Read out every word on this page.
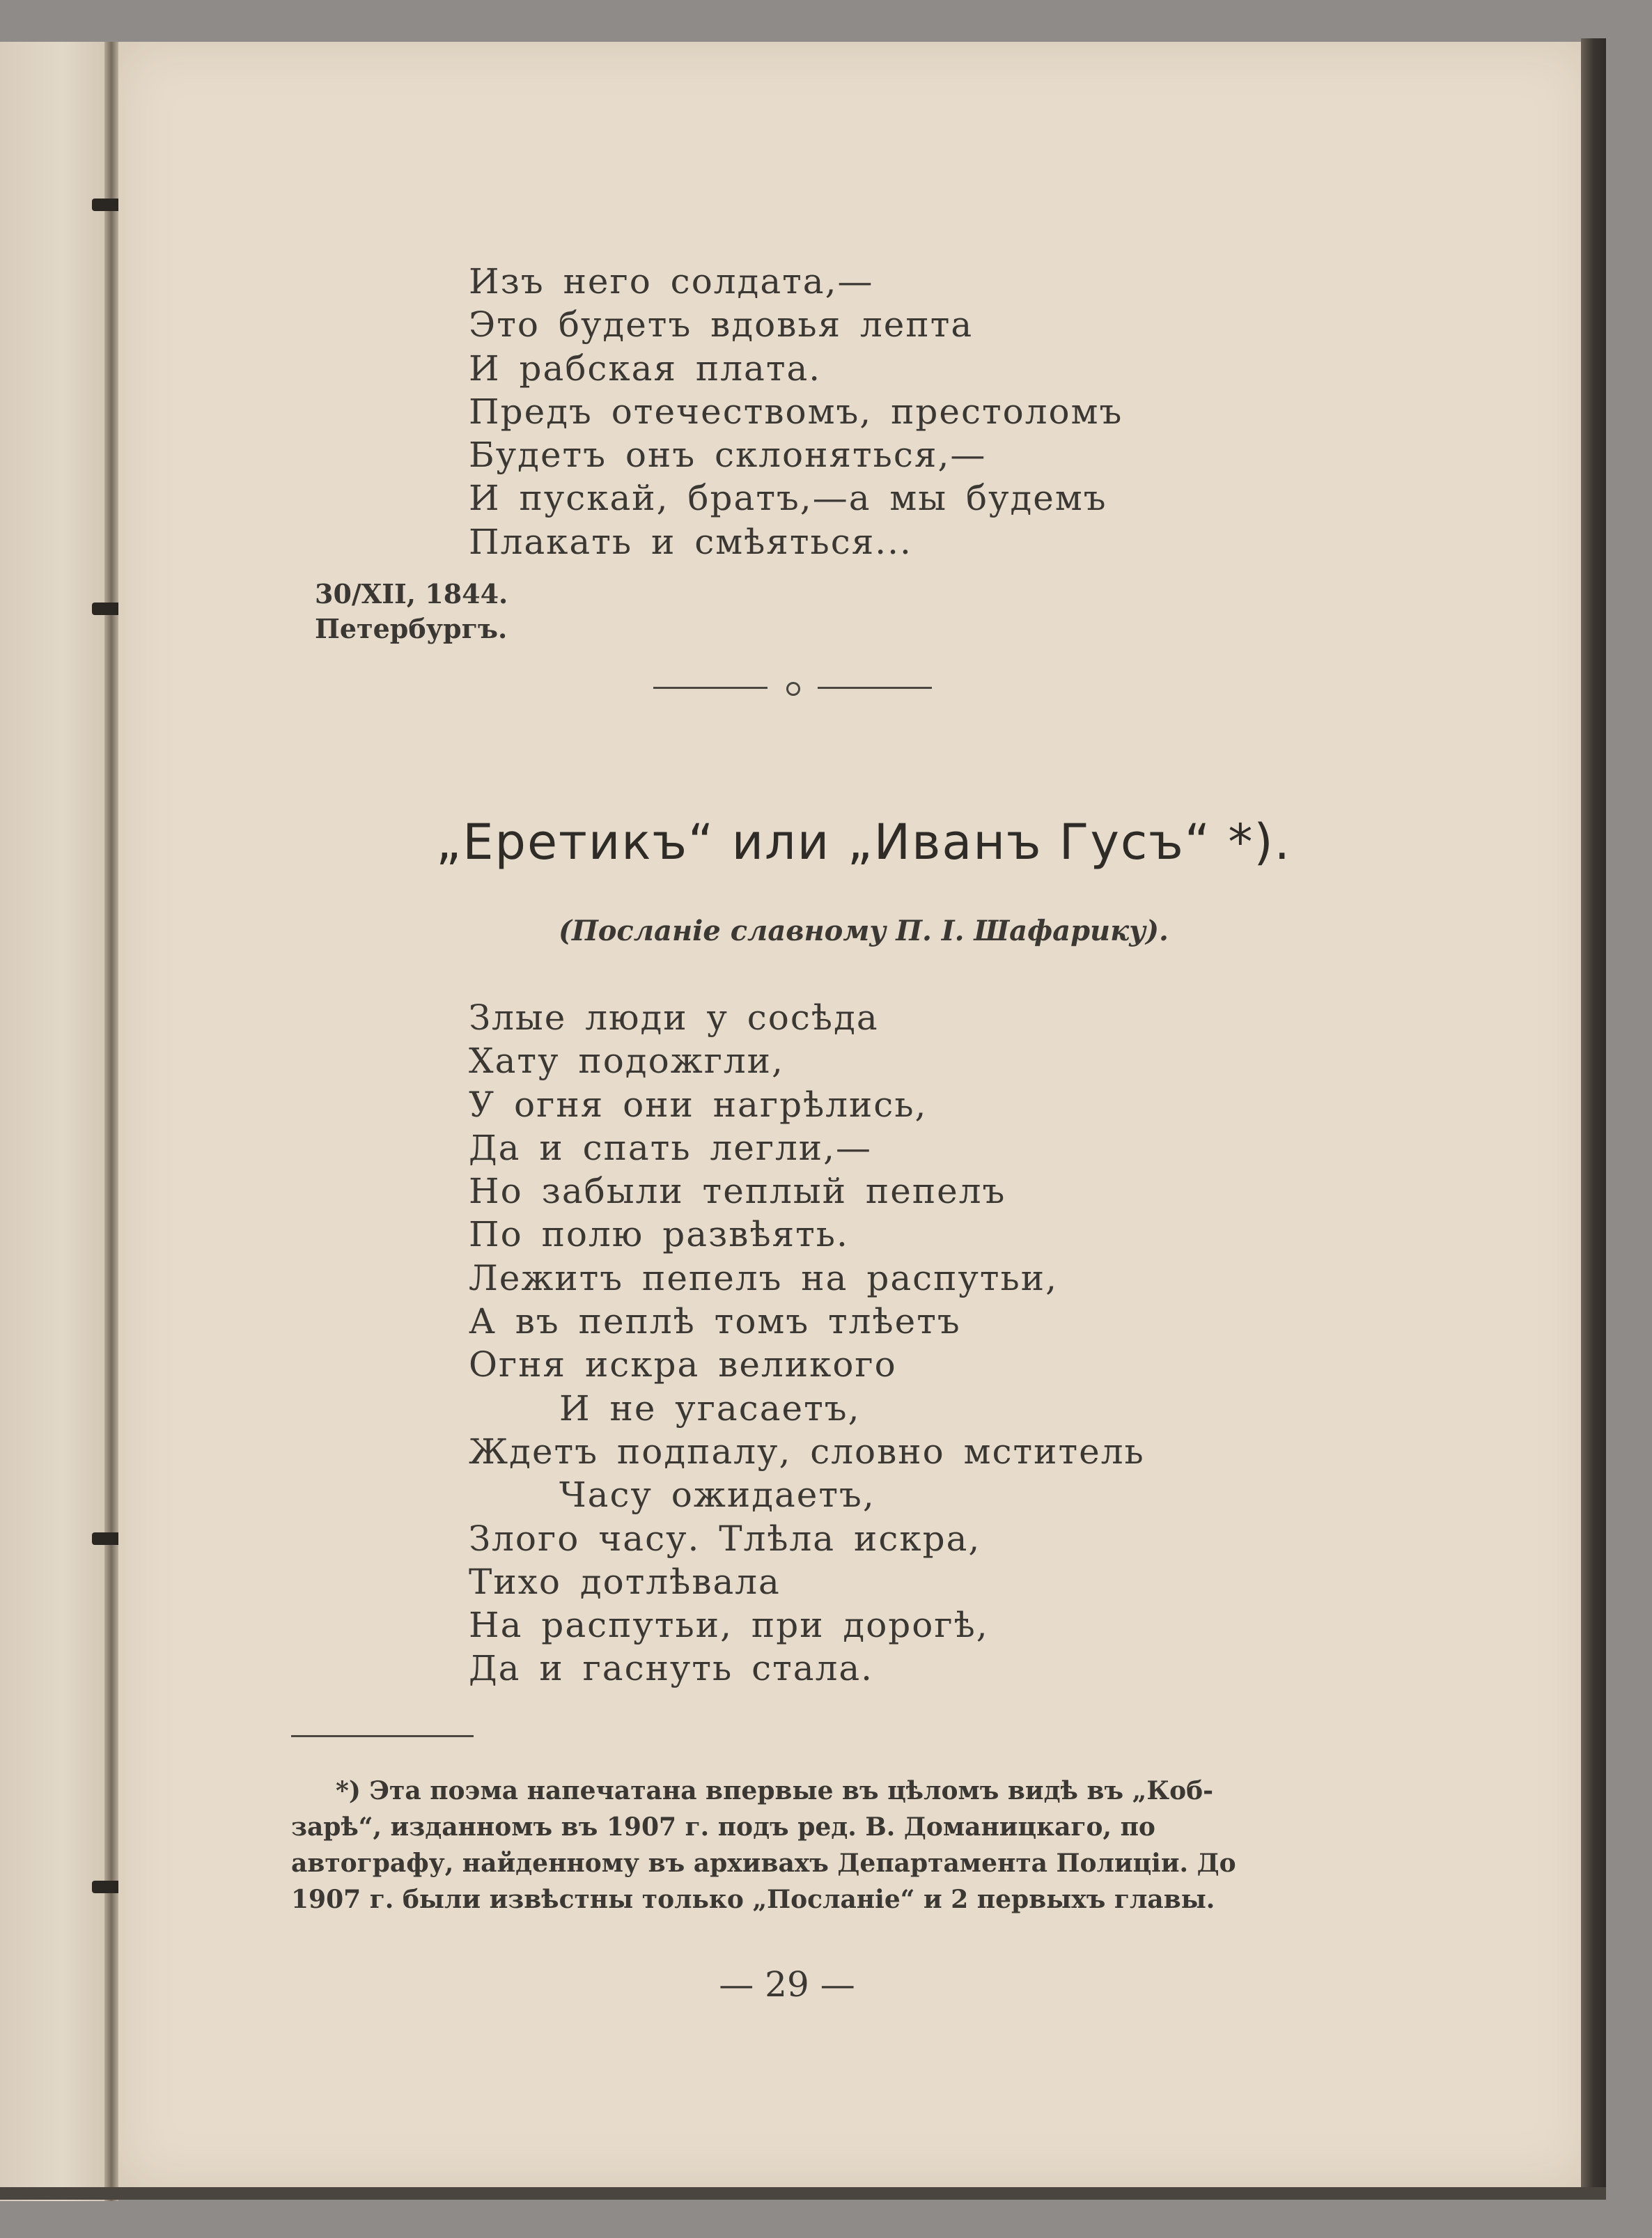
Изъ него солдата,—
Это будетъ вдовья лепта
И рабская плата.
Предъ отечествомъ, престоломъ
Будетъ онъ склоняться,—
И пускай, братъ,—а мы будемъ
Плакать и смѣяться...
30/XII, 1844.
Петербургъ.
„Еретикъ“ или „Иванъ Гусъ“ *).
(Посланіе славному П. І. Шафарику).
Злые люди у сосѣда
Хату подожгли,
У огня они нагрѣлись,
Да и спать легли,—
Но забыли теплый пепелъ
По полю развѣять.
Лежитъ пепелъ на распутьи,
А въ пеплѣ томъ тлѣетъ
Огня искра великого
И не угасаетъ,
Ждетъ подпалу, словно мститель
Часу ожидаетъ,
Злого часу. Тлѣла искра,
Тихо дотлѣвала
На распутьи, при дорогѣ,
Да и гаснуть стала.
*) Эта поэма напечатана впервые въ цѣломъ видѣ въ „Коб-
зарѣ“, изданномъ въ 1907 г. подъ ред. В. Доманицкаго, по
автографу, найденному въ архивахъ Департамента Полиціи. До
1907 г. были извѣстны только „Посланіе“ и 2 первыхъ главы.
— 29 —
